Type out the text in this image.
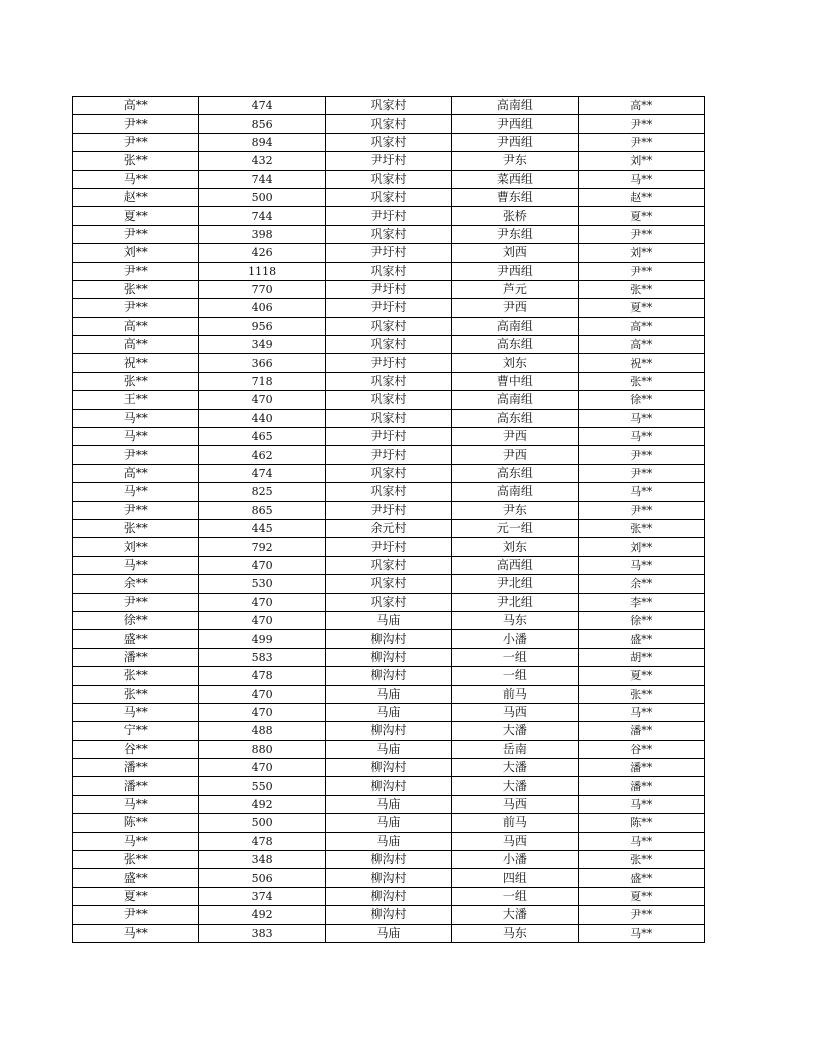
高**	474	巩家村	高南组	高**
尹**	856	巩家村	尹西组	尹**
尹**	894	巩家村	尹西组	尹**
张**	432	尹圩村	尹东	刘**
马**	744	巩家村	菜西组	马**
赵**	500	巩家村	曹东组	赵**
夏**	744	尹圩村	张桥	夏**
尹**	398	巩家村	尹东组	尹**
刘**	426	尹圩村	刘西	刘**
尹**	1118	巩家村	尹西组	尹**
张**	770	尹圩村	芦元	张**
尹**	406	尹圩村	尹西	夏**
高**	956	巩家村	高南组	高**
高**	349	巩家村	高东组	高**
祝**	366	尹圩村	刘东	祝**
张**	718	巩家村	曹中组	张**
王**	470	巩家村	高南组	徐**
马**	440	巩家村	高东组	马**
马**	465	尹圩村	尹西	马**
尹**	462	尹圩村	尹西	尹**
高**	474	巩家村	高东组	尹**
马**	825	巩家村	高南组	马**
尹**	865	尹圩村	尹东	尹**
张**	445	余元村	元一组	张**
刘**	792	尹圩村	刘东	刘**
马**	470	巩家村	高西组	马**
余**	530	巩家村	尹北组	余**
尹**	470	巩家村	尹北组	李**
徐**	470	马庙	马东	徐**
盛**	499	柳沟村	小潘	盛**
潘**	583	柳沟村	一组	胡**
张**	478	柳沟村	一组	夏**
张**	470	马庙	前马	张**
马**	470	马庙	马西	马**
宁**	488	柳沟村	大潘	潘**
谷**	880	马庙	岳南	谷**
潘**	470	柳沟村	大潘	潘**
潘**	550	柳沟村	大潘	潘**
马**	492	马庙	马西	马**
陈**	500	马庙	前马	陈**
马**	478	马庙	马西	马**
张**	348	柳沟村	小潘	张**
盛**	506	柳沟村	四组	盛**
夏**	374	柳沟村	一组	夏**
尹**	492	柳沟村	大潘	尹**
马**	383	马庙	马东	马**
